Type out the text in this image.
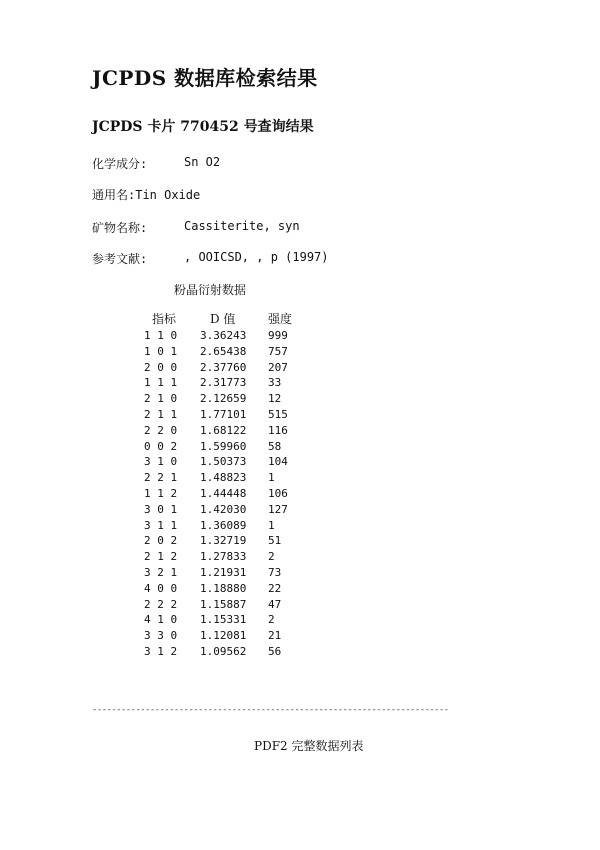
JCPDS 数据库检索结果
JCPDS 卡片 770452 号查询结果
化学成分:	Sn O2
通用名:Tin Oxide
矿物名称:	Cassiterite, syn
参考文献:	, OOICSD, , p (1997)
粉晶衍射数据
指标	D 值	强度
1 1 0	3.36243	999
1 0 1	2.65438	757
2 0 0	2.37760	207
1 1 1	2.31773	33
2 1 0	2.12659	12
2 1 1	1.77101	515
2 2 0	1.68122	116
0 0 2	1.59960	58
3 1 0	1.50373	104
2 2 1	1.48823	1
1 1 2	1.44448	106
3 0 1	1.42030	127
3 1 1	1.36089	1
2 0 2	1.32719	51
2 1 2	1.27833	2
3 2 1	1.21931	73
4 0 0	1.18880	22
2 2 2	1.15887	47
4 1 0	1.15331	2
3 3 0	1.12081	21
3 1 2	1.09562	56
--------------------------------------------------------------------------
PDF2 完整数据列表
